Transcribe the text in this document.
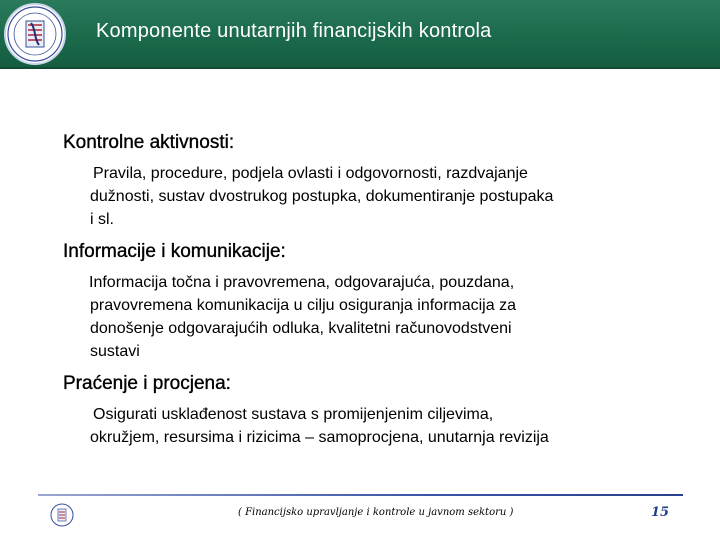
Komponente unutarnjih financijskih kontrola
Kontrolne aktivnosti:
Pravila, procedure, podjela ovlasti i odgovornosti, razdvajanje
dužnosti, sustav dvostrukog postupka, dokumentiranje postupaka
i sl.
Informacije i komunikacije:
Informacija točna i pravovremena, odgovarajuća, pouzdana,
pravovremena komunikacija u cilju osiguranja informacija za
donošenje odgovarajućih odluka, kvalitetni računovodstveni
sustavi
Praćenje i procjena:
Osigurati usklađenost sustava s promijenjenim ciljevima,
okružjem, resursima i rizicima – samoprocjena, unutarnja revizija
( Financijsko upravljanje i kontrole u javnom sektoru )	15
